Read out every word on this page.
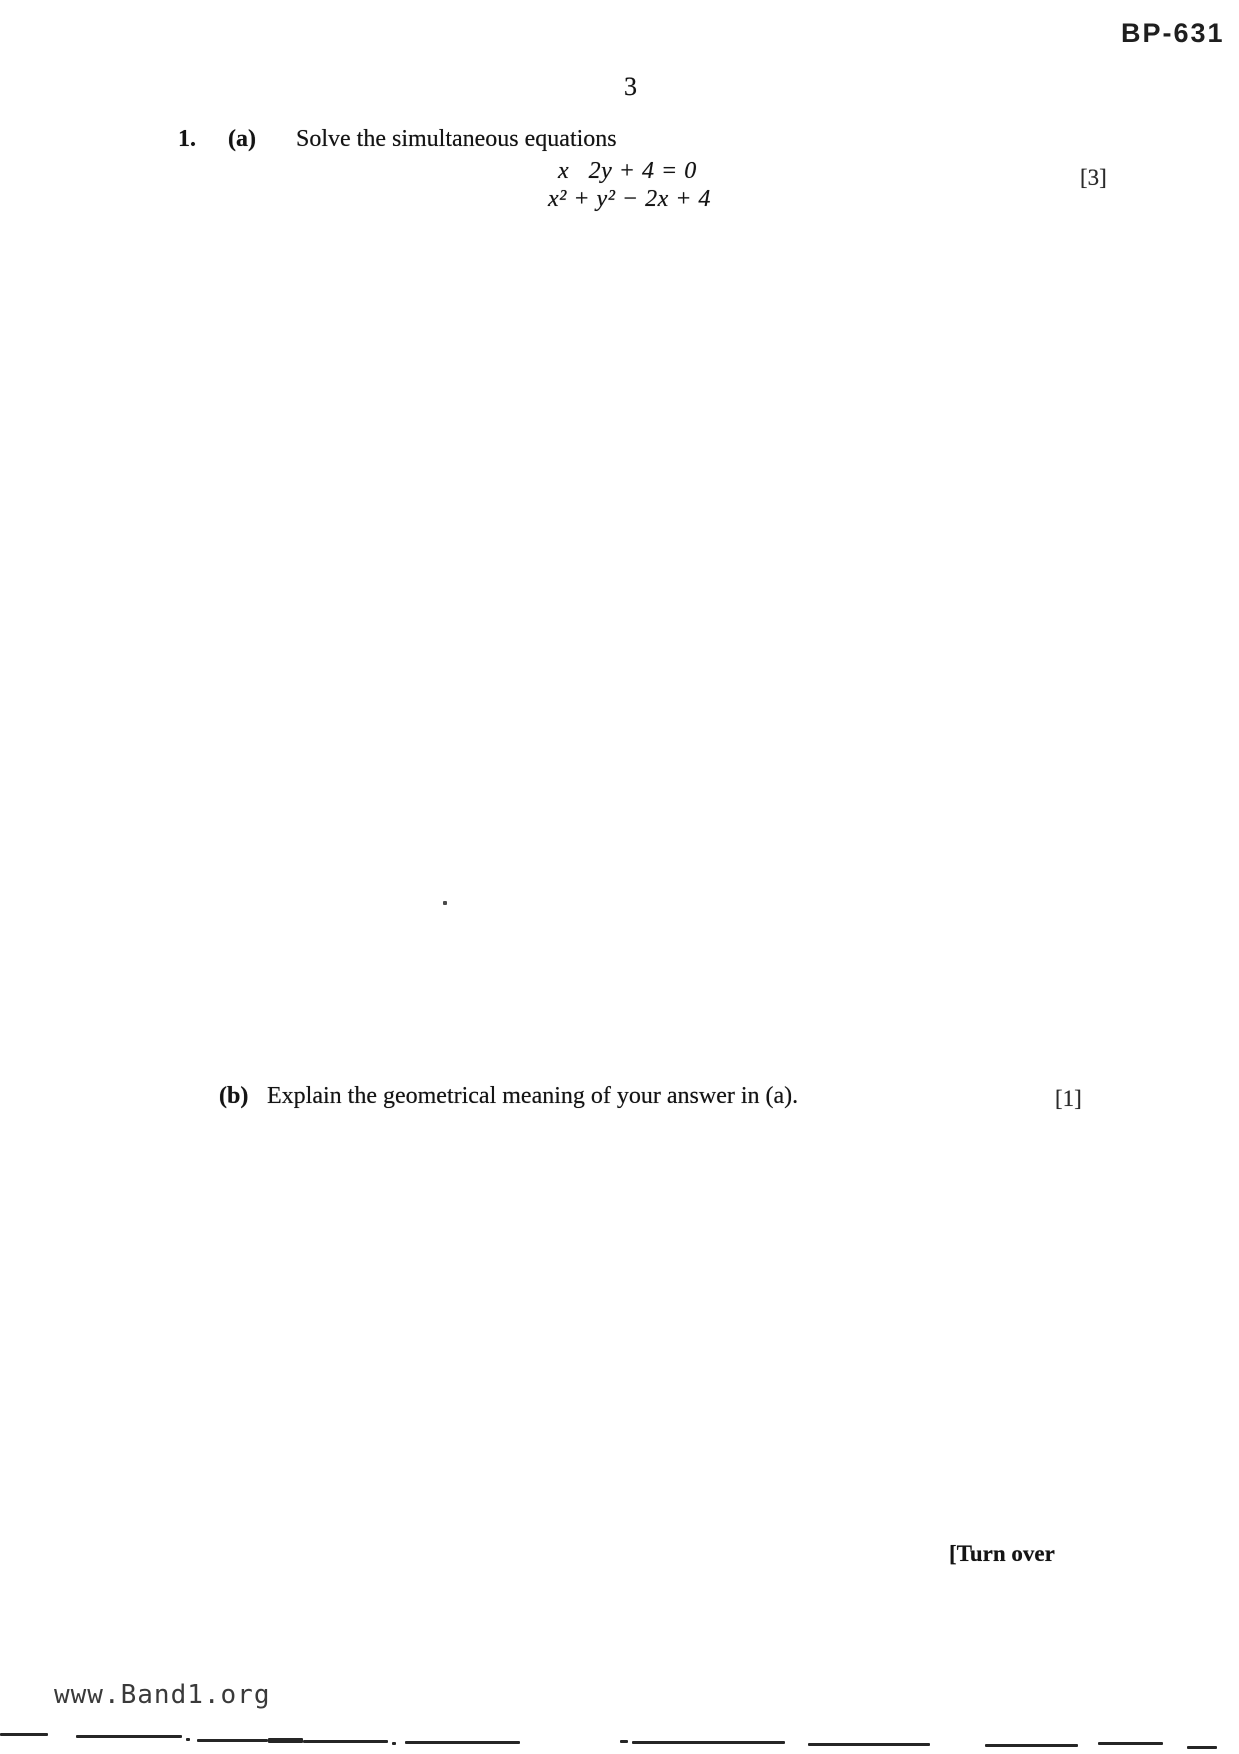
BP-631
3
1. (a) Solve the simultaneous equations
x   2y + 4 = 0
x² + y² − 2x + 4
[3]
(b) Explain the geometrical meaning of your answer in (a).	[1]
[Turn over
www.Band1.org
